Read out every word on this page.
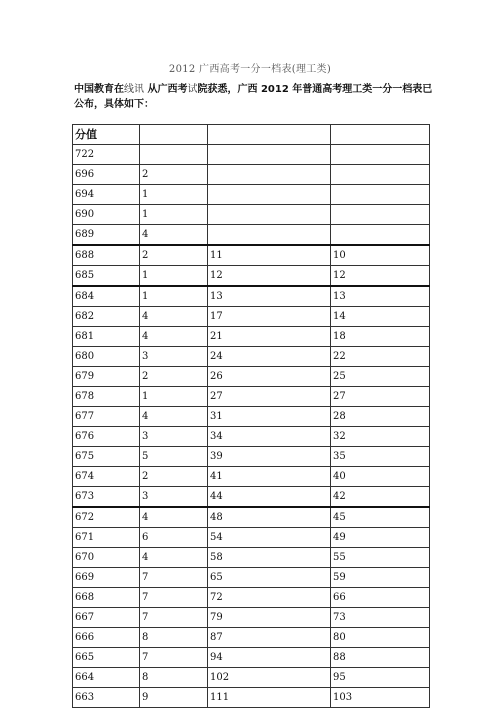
2012 广西高考一分一档表(理工类)
中国教育在线讯 从广西考试院获悉，广西 2012 年普通高考理工类一分一档表已公布，具体如下：
分值			
722			
696	2		
694	1		
690	1		
689	4		
688	2	11	10
685	1	12	12
684	1	13	13
682	4	17	14
681	4	21	18
680	3	24	22
679	2	26	25
678	1	27	27
677	4	31	28
676	3	34	32
675	5	39	35
674	2	41	40
673	3	44	42
672	4	48	45
671	6	54	49
670	4	58	55
669	7	65	59
668	7	72	66
667	7	79	73
666	8	87	80
665	7	94	88
664	8	102	95
663	9	111	103
